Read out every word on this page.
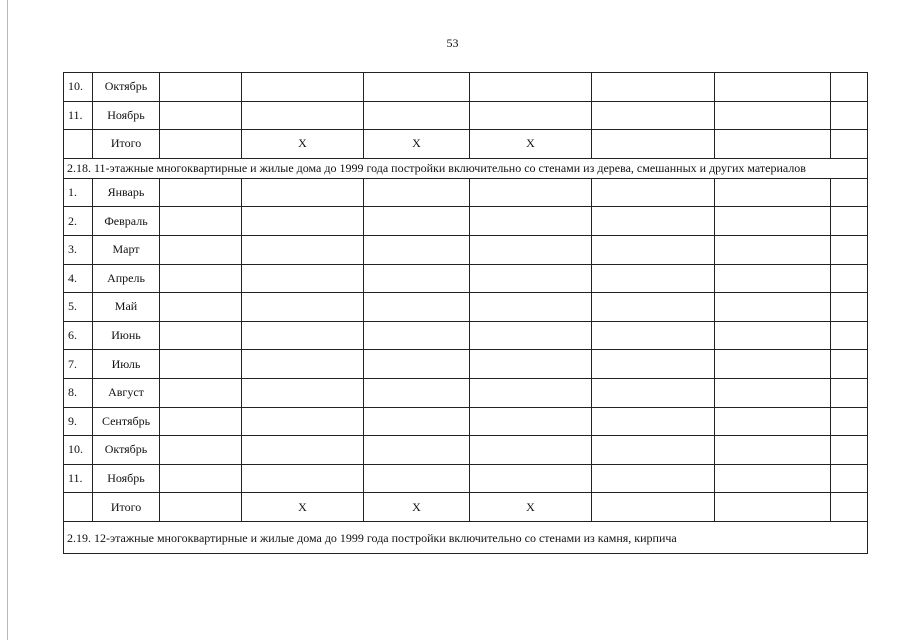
53
10.	Октябрь							
11.	Ноябрь							
	Итого		X	X	X			
2.18. 11-этажные многоквартирные и жилые дома до 1999 года постройки включительно со стенами из дерева, смешанных и других материалов								
1.	Январь							
2.	Февраль							
3.	Март							
4.	Апрель							
5.	Май							
6.	Июнь							
7.	Июль							
8.	Август							
9.	Сентябрь							
10.	Октябрь							
11.	Ноябрь							
	Итого		X	X	X			
2.19. 12-этажные многоквартирные и жилые дома до 1999 года постройки включительно со стенами из камня, кирпича								
